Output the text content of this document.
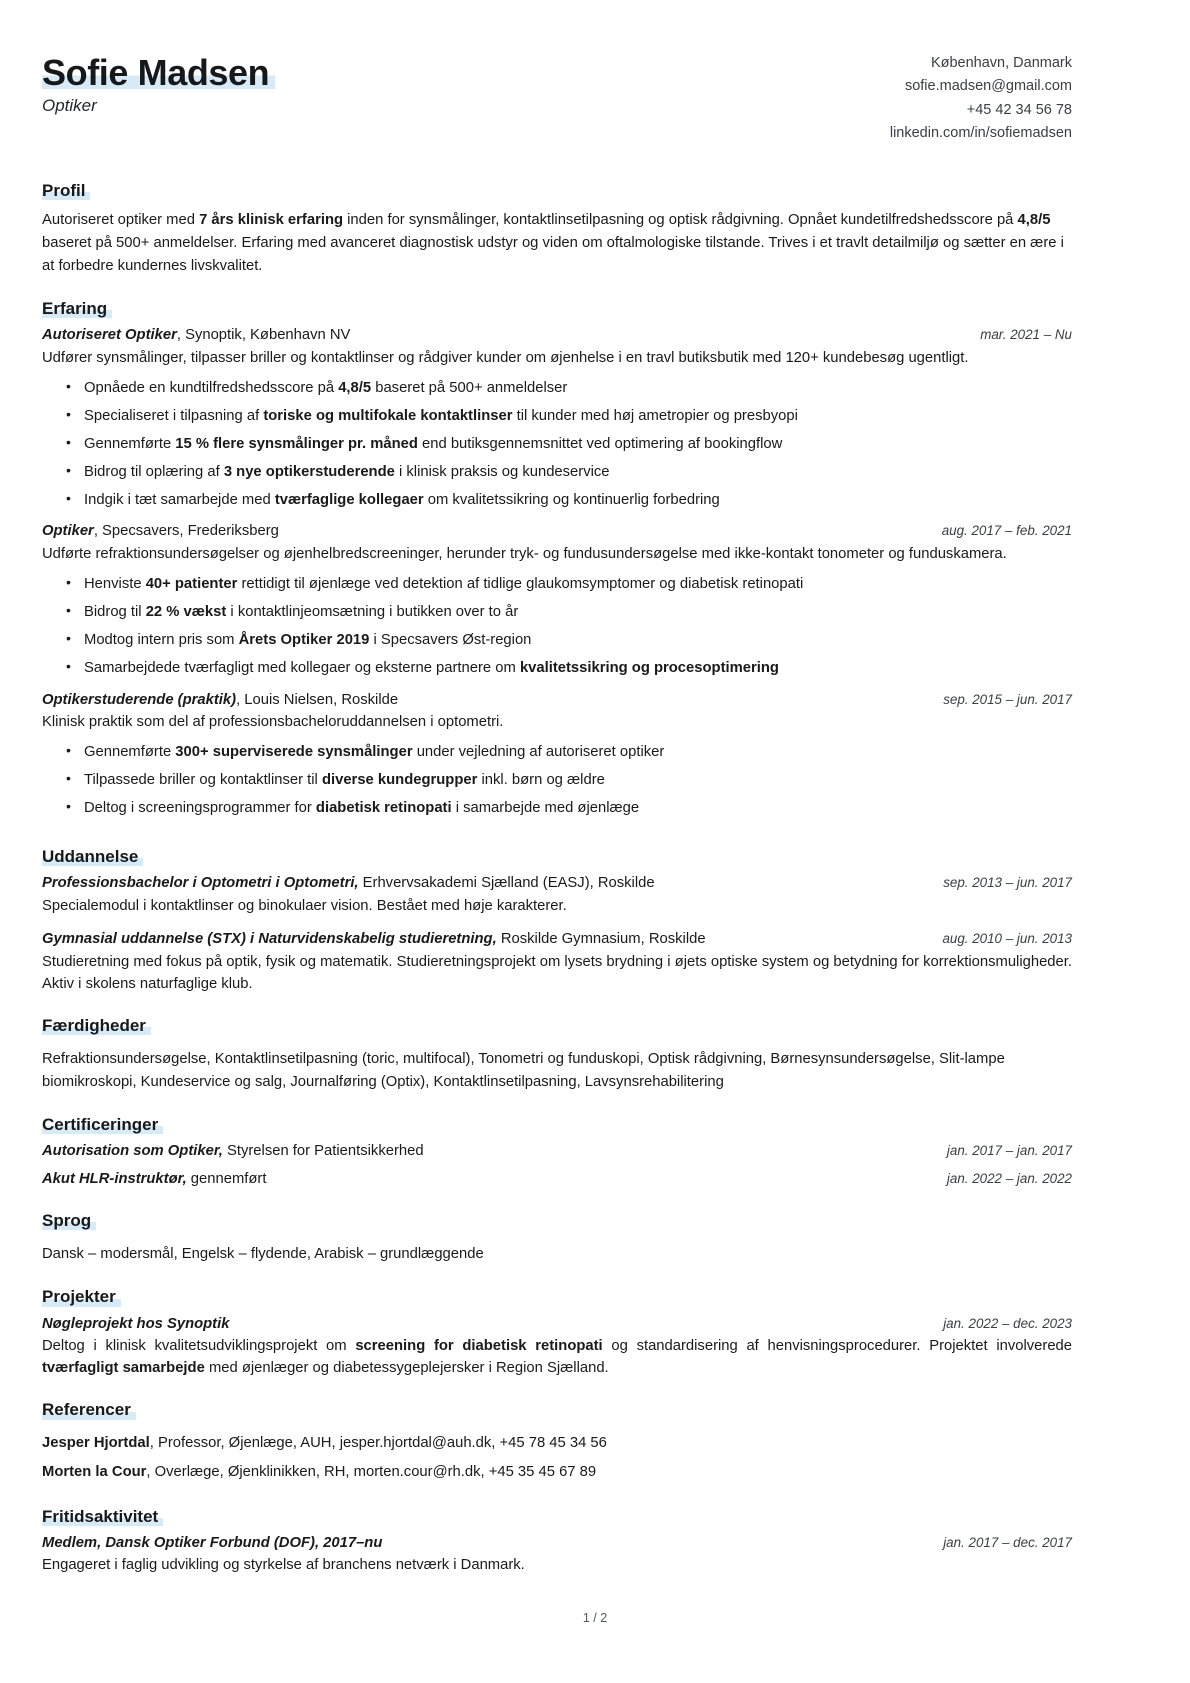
Sofie Madsen

Optiker

København, Danmark
sofie.madsen@gmail.com
+45 42 34 56 78
linkedin.com/in/sofiemadsen
Profil

Autoriseret optiker med 7 års klinisk erfaring inden for synsmålinger, kontaktlinsetilpasning og optisk rådgivning. Opnået kundetilfredshedsscore på 4,8/5 baseret på 500+ anmeldelser. Erfaring med avanceret diagnostisk udstyr og viden om oftalmologiske tilstande. Trives i et travlt detailmiljø og sætter en ære i at forbedre kundernes livskvalitet.

Erfaring
Autoriseret Optiker, Synoptik, København NV	mar. 2021 – Nu

Udfører synsmålinger, tilpasser briller og kontaktlinser og rådgiver kunder om øjenhelse i en travl butiksbutik med 120+ kundebesøg ugentligt.

• Opnåede en kundtilfredshedsscore på 4,8/5 baseret på 500+ anmeldelser
• Specialiseret i tilpasning af toriske og multifokale kontaktlinser til kunder med høj ametropier og presbyopi
• Gennemførte 15 % flere synsmålinger pr. måned end butiksgennemsnittet ved optimering af bookingflow
• Bidrog til oplæring af 3 nye optikerstuderende i klinisk praksis og kundeservice
• Indgik i tæt samarbejde med tværfaglige kollegaer om kvalitetssikring og kontinuerlig forbedring
Optiker, Specsavers, Frederiksberg	aug. 2017 – feb. 2021

Udførte refraktionsundersøgelser og øjenhelbredscreeninger, herunder tryk- og fundusundersøgelse med ikke-kontakt tonometer og funduskamera.

• Henviste 40+ patienter rettidigt til øjenlæge ved detektion af tidlige glaukomsymptomer og diabetisk retinopati
• Bidrog til 22 % vækst i kontaktlinjeomsætning i butikken over to år
• Modtog intern pris som Årets Optiker 2019 i Specsavers Øst-region
• Samarbejdede tværfagligt med kollegaer og eksterne partnere om kvalitetssikring og procesoptimering
Optikerstuderende (praktik), Louis Nielsen, Roskilde	sep. 2015 – jun. 2017

Klinisk praktik som del af professionsbacheloruddannelsen i optometri.

• Gennemførte 300+ superviserede synsmålinger under vejledning af autoriseret optiker
• Tilpassede briller og kontaktlinser til diverse kundegrupper inkl. børn og ældre
• Deltog i screeningsprogrammer for diabetisk retinopati i samarbejde med øjenlæge
Uddannelse
Professionsbachelor i Optometri i Optometri, Erhvervsakademi Sjælland (EASJ), Roskilde	sep. 2013 – jun. 2017

Specialemodul i kontaktlinser og binokulaer vision. Bestået med høje karakterer.

Gymnasial uddannelse (STX) i Naturvidenskabelig studieretning, Roskilde Gymnasium, Roskilde	aug. 2010 – jun. 2013

Studieretning med fokus på optik, fysik og matematik. Studieretningsprojekt om lysets brydning i øjets optiske system og betydning for korrektionsmuligheder. Aktiv i skolens naturfaglige klub.

Færdigheder

Refraktionsundersøgelse, Kontaktlinsetilpasning (toric, multifocal), Tonometri og funduskopi, Optisk rådgivning, Børnesynsundersøgelse, Slit-lampe biomikroskopi, Kundeservice og salg, Journalføring (Optix), Kontaktlinsetilpasning, Lavsynsrehabilitering

Certificeringer
Autorisation som Optiker, Styrelsen for Patientsikkerhed	jan. 2017 – jan. 2017
Akut HLR-instruktør, gennemført	jan. 2022 – jan. 2022
Sprog

Dansk – modersmål, Engelsk – flydende, Arabisk – grundlæggende

Projekter
Nøgleprojekt hos Synoptik	jan. 2022 – dec. 2023

Deltog i klinisk kvalitetsudviklingsprojekt om screening for diabetisk retinopati og standardisering af henvisningsprocedurer. Projektet involverede tværfagligt samarbejde med øjenlæger og diabetessygeplejersker i Region Sjælland.

Referencer

Jesper Hjortdal, Professor, Øjenlæge, AUH, jesper.hjortdal@auh.dk, +45 78 45 34 56

Morten la Cour, Overlæge, Øjenklinikken, RH, morten.cour@rh.dk, +45 35 45 67 89

Fritidsaktivitet
Medlem, Dansk Optiker Forbund (DOF), 2017–nu	jan. 2017 – dec. 2017

Engageret i faglig udvikling og styrkelse af branchens netværk i Danmark.

1 / 2
